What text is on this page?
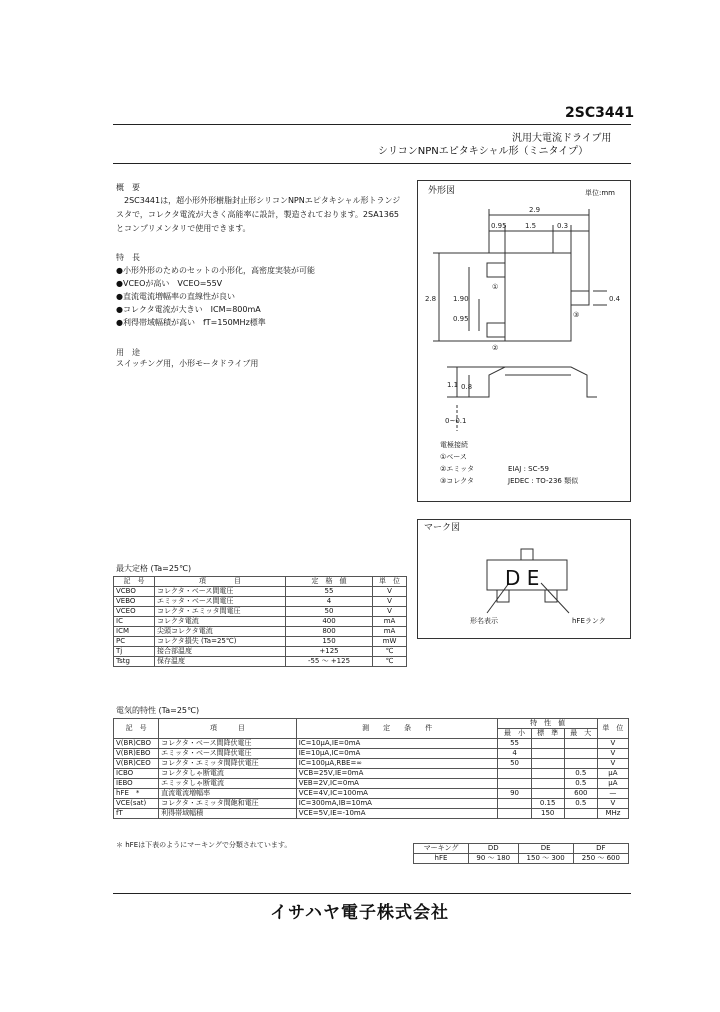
2SC3441
汎用大電流ドライブ用
シリコンNPNエピタキシャル形（ミニタイプ）
概　要
2SC3441は，超小形外形樹脂封止形シリコンNPNエピタキシャル形トランジ
スタで，コレクタ電流が大きく高能率に設計，製造されております。2SA1365
とコンプリメンタリで使用できます。
特　長
●小形外形のためのセットの小形化，高密度実装が可能
●VCEOが高い　VCEO=55V
●直流電流増幅率の直線性が良い
●コレクタ電流が大きい　ICM=800mA
●利得帯域幅積が高い　fT=150MHz標準
用　途
スイッチング用，小形モータドライブ用
外形図	単位:mm
2.9
0.95	1.5	0.3
2.8 1.90
0.95
0.4
1.1 0.8
0~0.1
①
②
③
電極接続
①ベース
②エミッタ
③コレクタ
EIAJ : SC-59
JEDEC : TO-236 類似
マーク図
D E
形名表示	hFEランク
最大定格 (Ta=25℃)
記　号	項　　　　目	定　格　値	単　位
VCBO	コレクタ・ベース間電圧	55	V
VEBO	エミッタ・ベース間電圧	4	V
VCEO	コレクタ・エミッタ間電圧	50	V
IC	コレクタ電流	400	mA
ICM	尖頭コレクタ電流	800	mA
PC	コレクタ損失 (Ta=25℃)	150	mW
Tj	接合部温度	+125	℃
Tstg	保存温度	-55 ～ +125	℃
電気的特性 (Ta=25℃)
記　号	項　　　目	測　　定　　条　　件	特　性　値			単　位
			最　小	標　準	最　大	
V(BR)CBO	コレクタ・ベース間降伏電圧	IC=10μA,IE=0mA	55			V
V(BR)EBO	エミッタ・ベース間降伏電圧	IE=10μA,IC=0mA	4			V
V(BR)CEO	コレクタ・エミッタ間降伏電圧	IC=100μA,RBE=∞	50			V
ICBO	コレクタしゃ断電流	VCB=25V,IE=0mA			0.5	μA
IEBO	エミッタしゃ断電流	VEB=2V,IC=0mA			0.5	μA
hFE　*	直流電流増幅率	VCE=4V,IC=100mA	90		600	—
VCE(sat)	コレクタ・エミッタ間飽和電圧	IC=300mA,IB=10mA		0.15	0.5	V
fT	利得帯域幅積	VCE=5V,IE=-10mA		150		MHz
＊ hFEは下表のようにマーキングで分類されています。	マーキング	DD	DE	DF
hFE	90 ～ 180	150 ～ 300	250 ～ 600
イサハヤ電子株式会社
